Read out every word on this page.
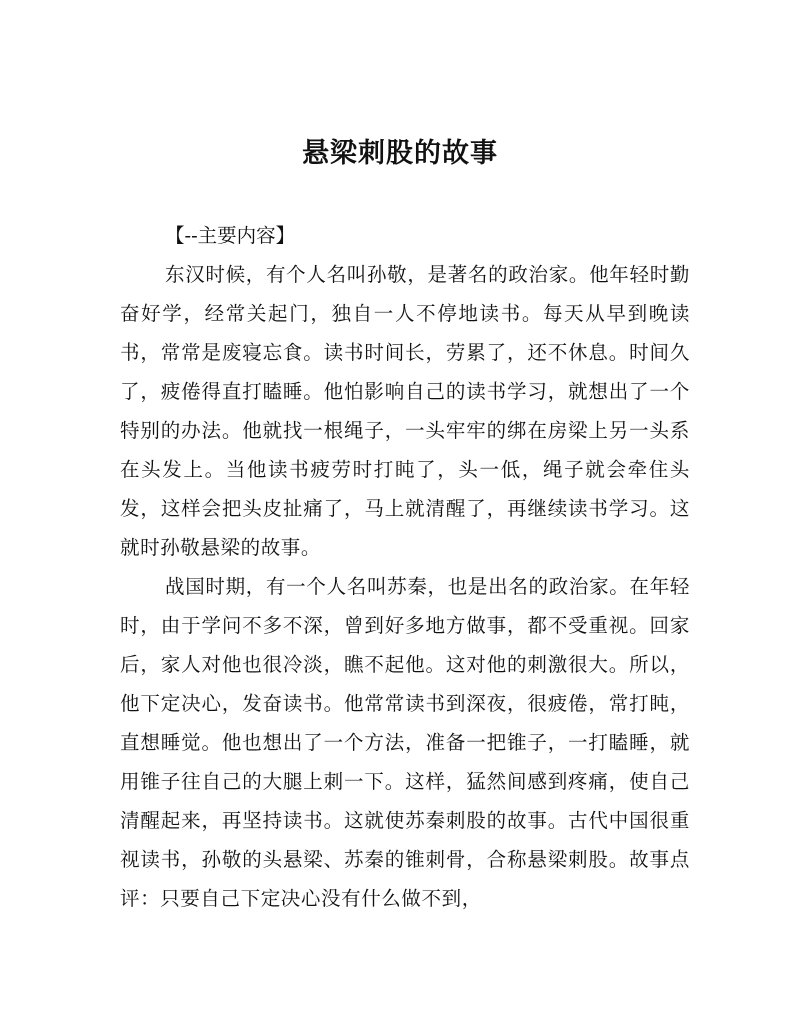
悬梁刺股的故事

【--主要内容】

东汉时候，有个人名叫孙敬，是著名的政治家。他年轻时勤奋好学，经常关起门，独自一人不停地读书。每天从早到晚读书，常常是废寝忘食。读书时间长，劳累了，还不休息。时间久了，疲倦得直打瞌睡。他怕影响自己的读书学习，就想出了一个特别的办法。他就找一根绳子，一头牢牢的绑在房梁上另一头系在头发上。当他读书疲劳时打盹了，头一低，绳子就会牵住头发，这样会把头皮扯痛了，马上就清醒了，再继续读书学习。这就时孙敬悬梁的故事。

战国时期，有一个人名叫苏秦，也是出名的政治家。在年轻时，由于学问不多不深，曾到好多地方做事，都不受重视。回家后，家人对他也很冷淡，瞧不起他。这对他的刺激很大。所以，他下定决心，发奋读书。他常常读书到深夜，很疲倦，常打盹，直想睡觉。他也想出了一个方法，准备一把锥子，一打瞌睡，就用锥子往自己的大腿上刺一下。这样，猛然间感到疼痛，使自己清醒起来，再坚持读书。这就使苏秦刺股的故事。古代中国很重视读书，孙敬的头悬梁、苏秦的锥刺骨，合称悬梁刺股。故事点评：只要自己下定决心没有什么做不到，
